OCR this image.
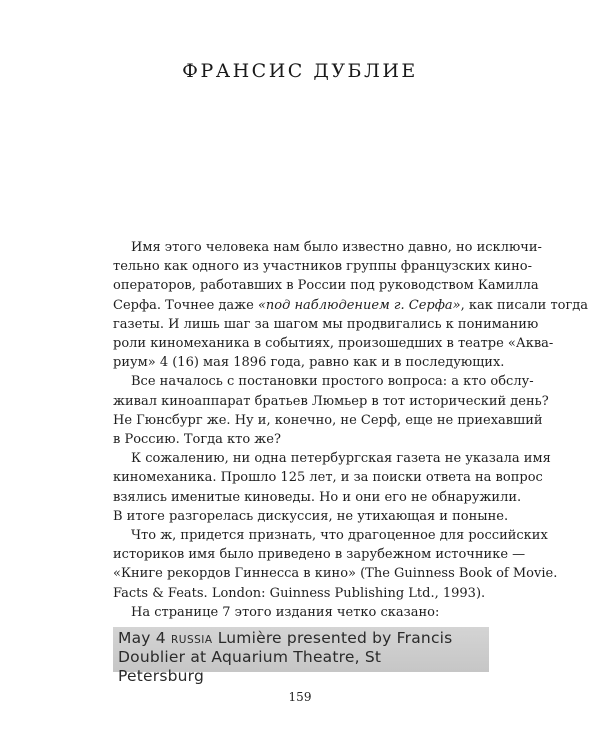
ФРАНСИС ДУБЛИЕ
Имя этого человека нам было известно давно, но исключи-
тельно как одного из участников группы французских кино-
операторов, работавших в России под руководством Камилла
Серфа. Точнее даже «под наблюдением г. Серфа», как писали тогда
газеты. И лишь шаг за шагом мы продвигались к пониманию
роли киномеханика в событиях, произошедших в театре «Аква-
риум» 4 (16) мая 1896 года, равно как и в последующих.
Все началось с постановки простого вопроса: а кто обслу-
живал киноаппарат братьев Люмьер в тот исторический день?
Не Гюнсбург же. Ну и, конечно, не Серф, еще не приехавший
в Россию. Тогда кто же?
К сожалению, ни одна петербургская газета не указала имя
киномеханика. Прошло 125 лет, и за поиски ответа на вопрос
взялись именитые киноведы. Но и они его не обнаружили.
В итоге разгорелась дискуссия, не утихающая и поныне.
Что ж, придется признать, что драгоценное для российских
историков имя было приведено в зарубежном источнике —
«Книге рекордов Гиннесса в кино» (The Guinness Book of Movie.
Facts & Feats. London: Guinness Publishing Ltd., 1993).
На странице 7 этого издания четко сказано:
May 4 RUSSIA Lumière presented by Francis
Doublier at Aquarium Theatre, St
Petersburg
159
